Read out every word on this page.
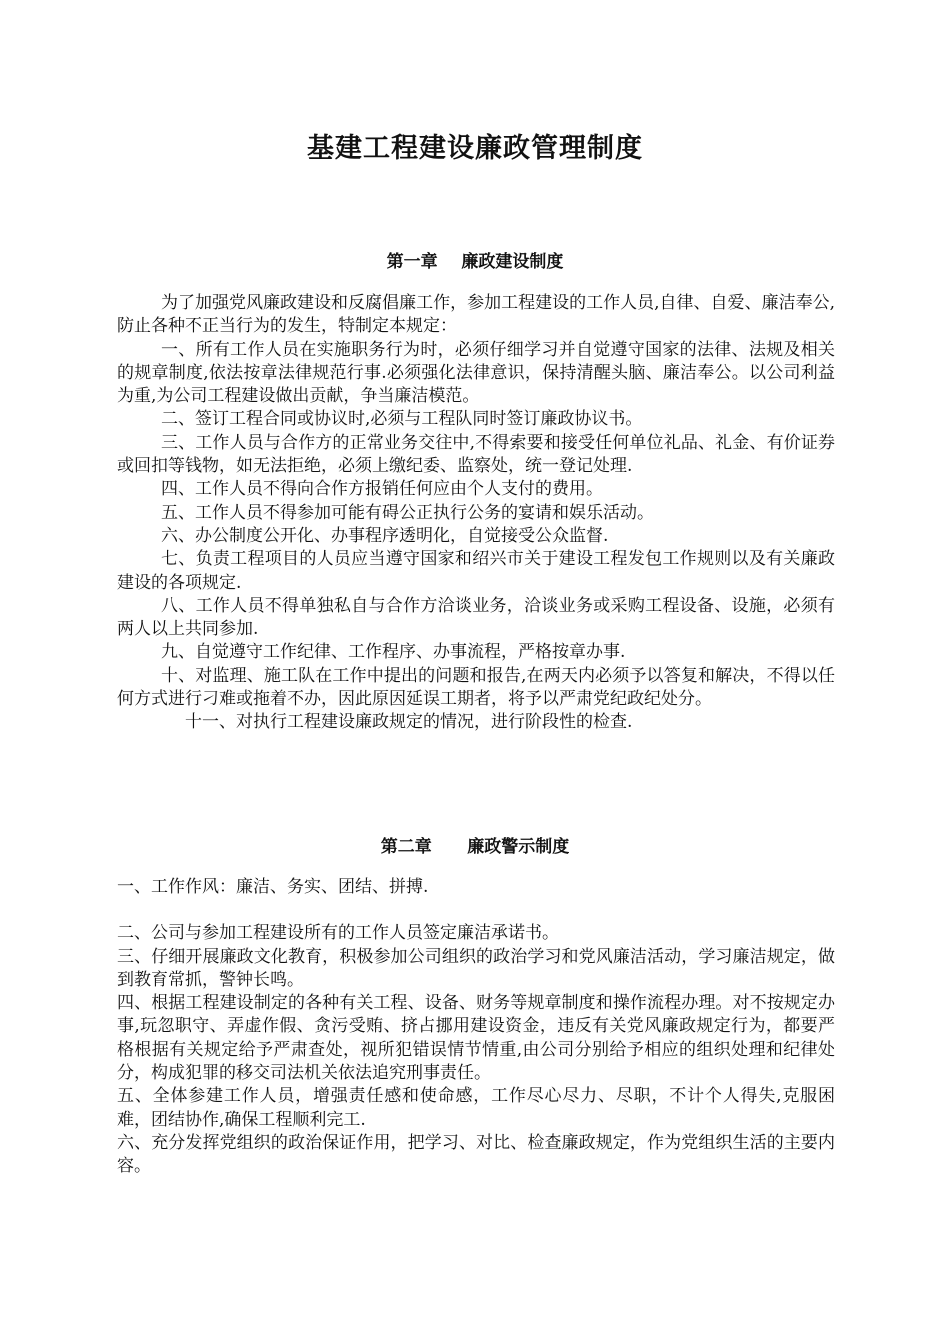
基建工程建设廉政管理制度
第一章    廉政建设制度

为了加强党风廉政建设和反腐倡廉工作，参加工程建设的工作人员,自律、自爱、廉洁奉公,防止各种不正当行为的发生，特制定本规定：

一、所有工作人员在实施职务行为时，必须仔细学习并自觉遵守国家的法律、法规及相关的规章制度,依法按章法律规范行事.必须强化法律意识，保持清醒头脑、廉洁奉公。以公司利益为重,为公司工程建设做出贡献，争当廉洁模范。

二、签订工程合同或协议时,必须与工程队同时签订廉政协议书。

三、工作人员与合作方的正常业务交往中,不得索要和接受任何单位礼品、礼金、有价证券或回扣等钱物，如无法拒绝，必须上缴纪委、监察处，统一登记处理.

四、工作人员不得向合作方报销任何应由个人支付的费用。

五、工作人员不得参加可能有碍公正执行公务的宴请和娱乐活动。

六、办公制度公开化、办事程序透明化，自觉接受公众监督.

七、负责工程项目的人员应当遵守国家和绍兴市关于建设工程发包工作规则以及有关廉政建设的各项规定.

八、工作人员不得单独私自与合作方洽谈业务，洽谈业务或采购工程设备、设施，必须有两人以上共同参加.

九、自觉遵守工作纪律、工作程序、办事流程，严格按章办事.

十、对监理、施工队在工作中提出的问题和报告,在两天内必须予以答复和解决，不得以任何方式进行刁难或拖着不办，因此原因延误工期者，将予以严肃党纪政纪处分。

十一、对执行工程建设廉政规定的情况，进行阶段性的检查.

第二章      廉政警示制度

一、工作作风：廉洁、务实、团结、拼搏.

二、公司与参加工程建设所有的工作人员签定廉洁承诺书。

三、仔细开展廉政文化教育，积极参加公司组织的政治学习和党风廉洁活动，学习廉洁规定，做到教育常抓，警钟长鸣。

四、根据工程建设制定的各种有关工程、设备、财务等规章制度和操作流程办理。对不按规定办事,玩忽职守、弄虚作假、贪污受贿、挤占挪用建设资金，违反有关党风廉政规定行为，都要严格根据有关规定给予严肃查处，视所犯错误情节情重,由公司分别给予相应的组织处理和纪律处分，构成犯罪的移交司法机关依法追究刑事责任。

五、全体参建工作人员，增强责任感和使命感，工作尽心尽力、尽职，不计个人得失,克服困难，团结协作,确保工程顺利完工.

六、充分发挥党组织的政治保证作用，把学习、对比、检查廉政规定，作为党组织生活的主要内容。
